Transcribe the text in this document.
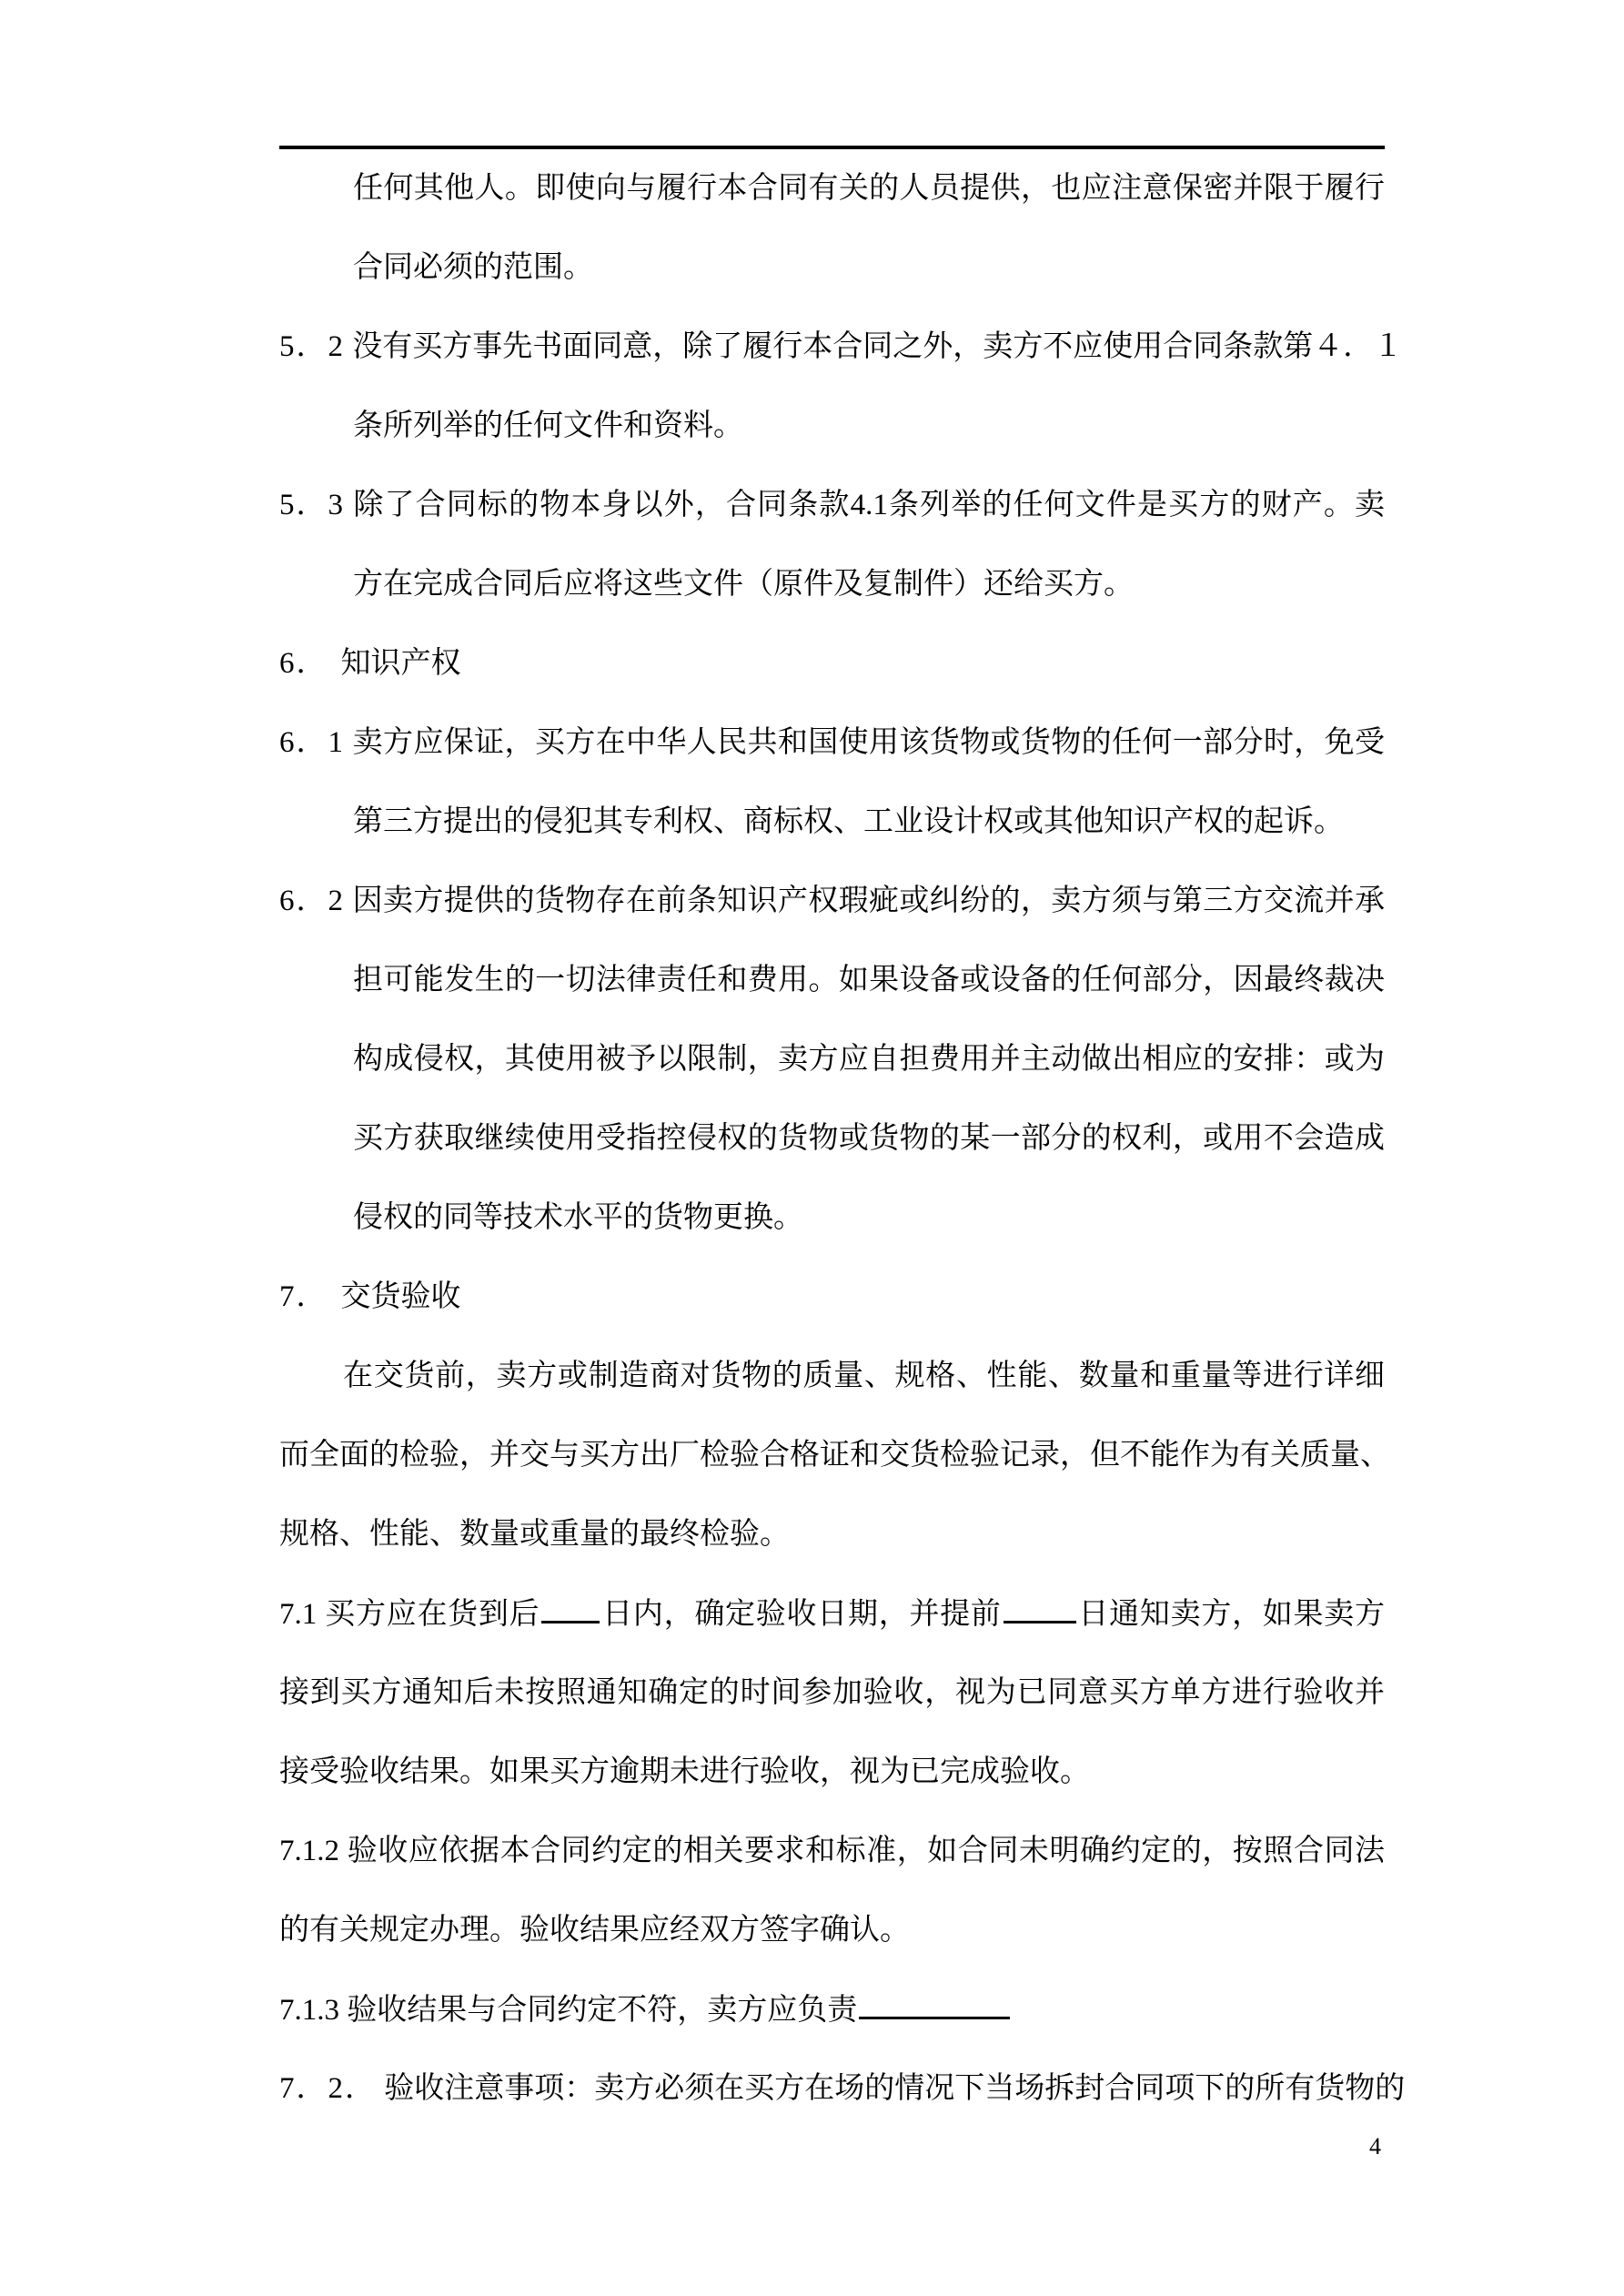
任何其他人。即使向与履行本合同有关的人员提供，也应注意保密并限于履行
合同必须的范围。
5．2 没有买方事先书面同意，除了履行本合同之外，卖方不应使用合同条款第４．１
条所列举的任何文件和资料。
5．3 除了合同标的物本身以外，合同条款4.1条列举的任何文件是买方的财产。卖
方在完成合同后应将这些文件（原件及复制件）还给买方。
6． 知识产权
6．1 卖方应保证，买方在中华人民共和国使用该货物或货物的任何一部分时，免受
第三方提出的侵犯其专利权、商标权、工业设计权或其他知识产权的起诉。
6．2 因卖方提供的货物存在前条知识产权瑕疵或纠纷的，卖方须与第三方交流并承
担可能发生的一切法律责任和费用。如果设备或设备的任何部分，因最终裁决
构成侵权，其使用被予以限制，卖方应自担费用并主动做出相应的安排：或为
买方获取继续使用受指控侵权的货物或货物的某一部分的权利，或用不会造成
侵权的同等技术水平的货物更换。
7． 交货验收
在交货前，卖方或制造商对货物的质量、规格、性能、数量和重量等进行详细
而全面的检验，并交与买方出厂检验合格证和交货检验记录，但不能作为有关质量、
规格、性能、数量或重量的最终检验。
7.1 买方应在货到后 日内，确定验收日期，并提前	日通知卖方，如果卖方
接到买方通知后未按照通知确定的时间参加验收，视为已同意买方单方进行验收并
接受验收结果。如果买方逾期未进行验收，视为已完成验收。
7.1.2 验收应依据本合同约定的相关要求和标准，如合同未明确约定的，按照合同法
的有关规定办理。验收结果应经双方签字确认。
7.1.3 验收结果与合同约定不符，卖方应负责
7．2． 验收注意事项：卖方必须在买方在场的情况下当场拆封合同项下的所有货物的
4
